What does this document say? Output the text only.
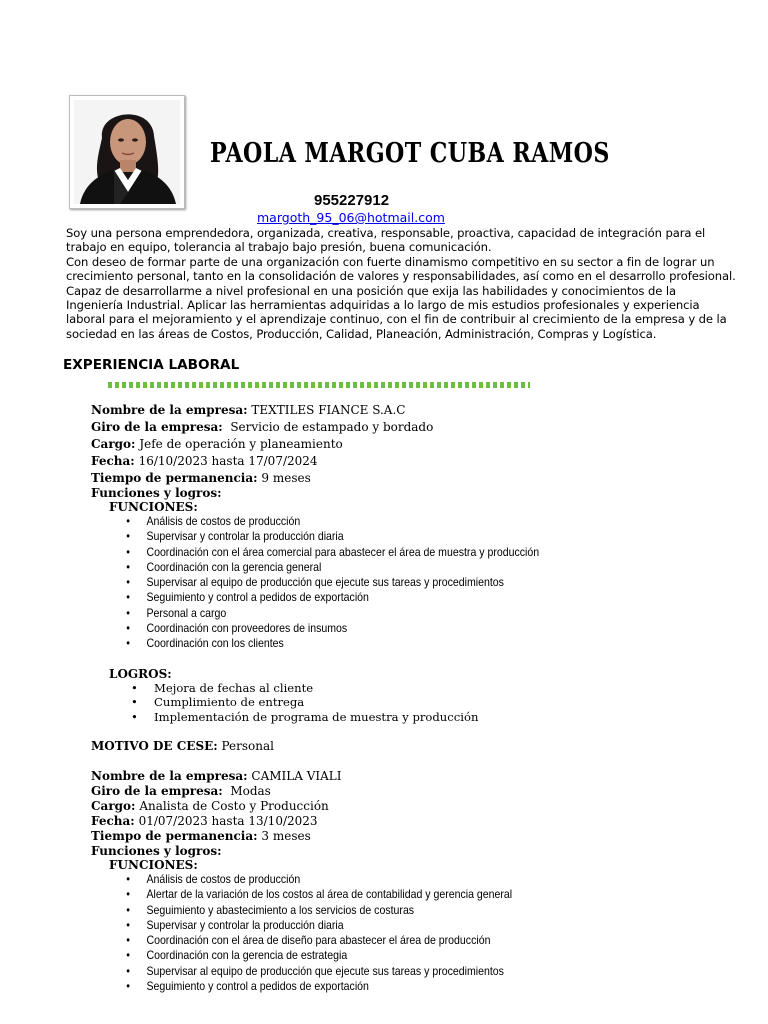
PAOLA MARGOT CUBA RAMOS
955227912
margoth_95_06@hotmail.com

Soy una persona emprendedora, organizada, creativa, responsable, proactiva, capacidad de integración para el trabajo en equipo, tolerancia al trabajo bajo presión, buena comunicación.

Con deseo de formar parte de una organización con fuerte dinamismo competitivo en su sector a fin de lograr un crecimiento personal, tanto en la consolidación de valores y responsabilidades, así como en el desarrollo profesional. Capaz de desarrollarme a nivel profesional en una posición que exija las habilidades y conocimientos de la Ingeniería Industrial. Aplicar las herramientas adquiridas a lo largo de mis estudios profesionales y experiencia laboral para el mejoramiento y el aprendizaje continuo, con el fin de contribuir al crecimiento de la empresa y de la sociedad en las áreas de Costos, Producción, Calidad, Planeación, Administración, Compras y Logística.

EXPERIENCIA LABORAL

Nombre de la empresa: TEXTILES FIANCE S.A.C

Giro de la empresa: Servicio de estampado y bordado

Cargo: Jefe de operación y planeamiento

Fecha: 16/10/2023 hasta 17/07/2024

Tiempo de permanencia: 9 meses

Funciones y logros:

FUNCIONES:

• Análisis de costos de producción
• Supervisar y controlar la producción diaria
• Coordinación con el área comercial para abastecer el área de muestra y producción
• Coordinación con la gerencia general
• Supervisar al equipo de producción que ejecute sus tareas y procedimientos
• Seguimiento y control a pedidos de exportación
• Personal a cargo
• Coordinación con proveedores de insumos
• Coordinación con los clientes

LOGROS:

• Mejora de fechas al cliente
• Cumplimiento de entrega
• Implementación de programa de muestra y producción

MOTIVO DE CESE: Personal

Nombre de la empresa: CAMILA VIALI

Giro de la empresa: Modas

Cargo: Analista de Costo y Producción

Fecha: 01/07/2023 hasta 13/10/2023

Tiempo de permanencia: 3 meses

Funciones y logros:

FUNCIONES:

• Análisis de costos de producción
• Alertar de la variación de los costos al área de contabilidad y gerencia general
• Seguimiento y abastecimiento a los servicios de costuras
• Supervisar y controlar la producción diaria
• Coordinación con el área de diseño para abastecer el área de producción
• Coordinación con la gerencia de estrategia
• Supervisar al equipo de producción que ejecute sus tareas y procedimientos
• Seguimiento y control a pedidos de exportación
